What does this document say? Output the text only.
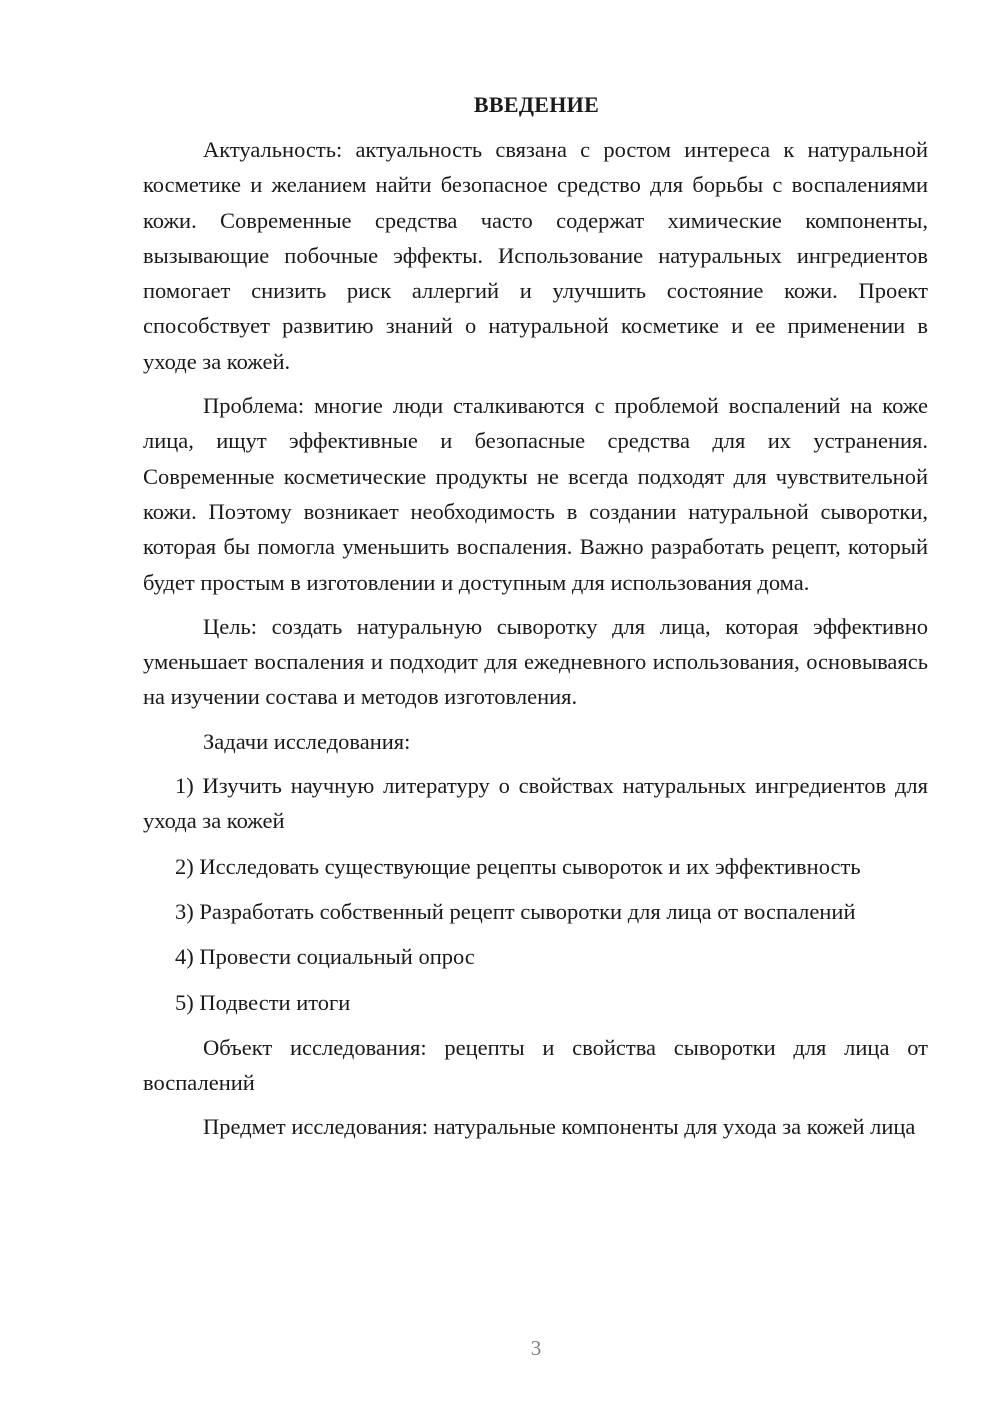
ВВЕДЕНИЕ

Актуальность: актуальность связана с ростом интереса к натуральной косметике и желанием найти безопасное средство для борьбы с воспалениями кожи. Современные средства часто содержат химические компоненты, вызывающие побочные эффекты. Использование натуральных ингредиентов помогает снизить риск аллергий и улучшить состояние кожи. Проект способствует развитию знаний о натуральной косметике и ее применении в уходе за кожей.

Проблема: многие люди сталкиваются с проблемой воспалений на коже лица, ищут эффективные и безопасные средства для их устранения. Современные косметические продукты не всегда подходят для чувствительной кожи. Поэтому возникает необходимость в создании натуральной сыворотки, которая бы помогла уменьшить воспаления. Важно разработать рецепт, который будет простым в изготовлении и доступным для использования дома.

Цель: создать натуральную сыворотку для лица, которая эффективно уменьшает воспаления и подходит для ежедневного использования, основываясь на изучении состава и методов изготовления.

Задачи исследования:

1) Изучить научную литературу о свойствах натуральных ингредиентов для ухода за кожей

2) Исследовать существующие рецепты сывороток и их эффективность

3) Разработать собственный рецепт сыворотки для лица от воспалений

4) Провести социальный опрос

5) Подвести итоги

Объект исследования: рецепты и свойства сыворотки для лица от воспалений

Предмет исследования: натуральные компоненты для ухода за кожей лица

3
